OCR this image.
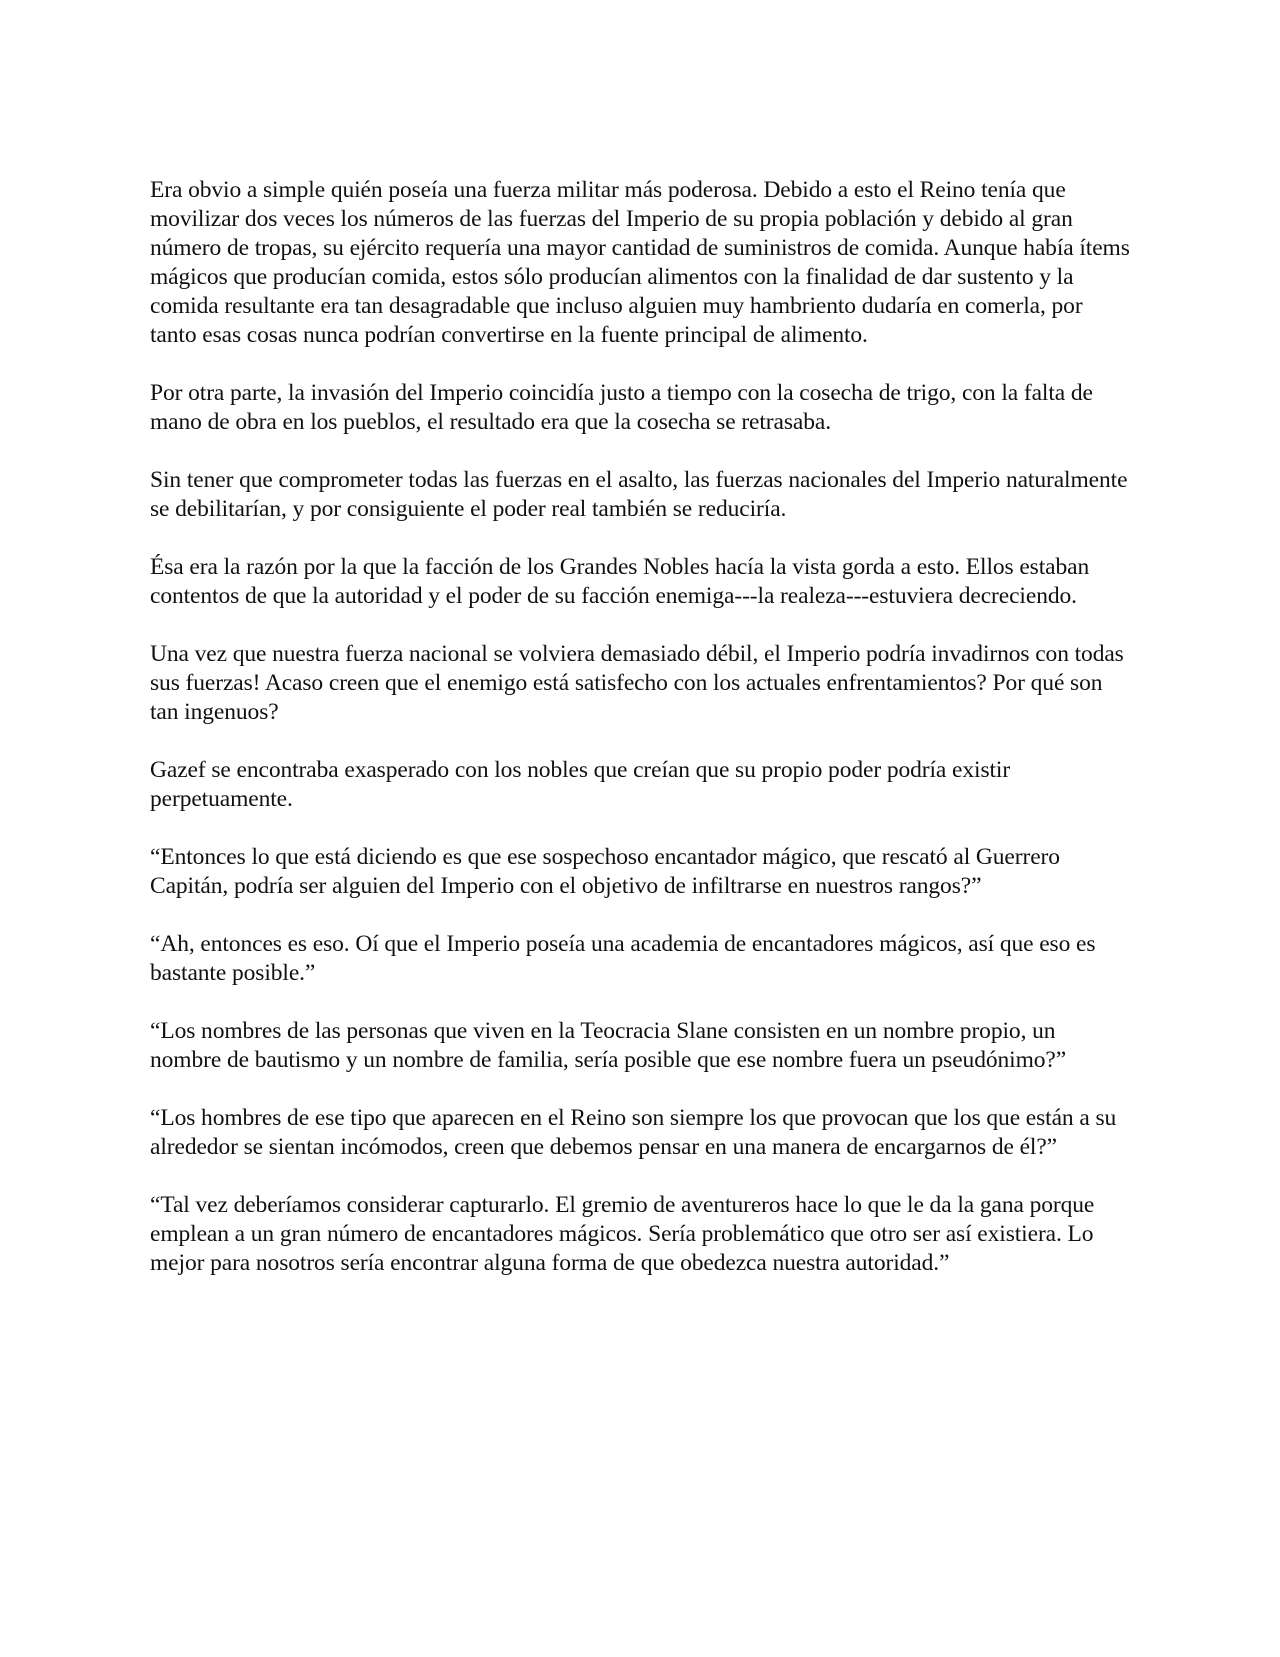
Era obvio a simple quién poseía una fuerza militar más poderosa. Debido a esto el Reino tenía que movilizar dos veces los números de las fuerzas del Imperio de su propia población y debido al gran número de tropas, su ejército requería una mayor cantidad de suministros de comida. Aunque había ítems mágicos que producían comida, estos sólo producían alimentos con la finalidad de dar sustento y la comida resultante era tan desagradable que incluso alguien muy hambriento dudaría en comerla, por tanto esas cosas nunca podrían convertirse en la fuente principal de alimento.

Por otra parte, la invasión del Imperio coincidía justo a tiempo con la cosecha de trigo, con la falta de mano de obra en los pueblos, el resultado era que la cosecha se retrasaba.

Sin tener que comprometer todas las fuerzas en el asalto, las fuerzas nacionales del Imperio naturalmente se debilitarían, y por consiguiente el poder real también se reduciría.

Ésa era la razón por la que la facción de los Grandes Nobles hacía la vista gorda a esto. Ellos estaban contentos de que la autoridad y el poder de su facción enemiga---la realeza---estuviera decreciendo.

Una vez que nuestra fuerza nacional se volviera demasiado débil, el Imperio podría invadirnos con todas sus fuerzas! Acaso creen que el enemigo está satisfecho con los actuales enfrentamientos? Por qué son tan ingenuos?

Gazef se encontraba exasperado con los nobles que creían que su propio poder podría existir perpetuamente.

“Entonces lo que está diciendo es que ese sospechoso encantador mágico, que rescató al Guerrero Capitán, podría ser alguien del Imperio con el objetivo de infiltrarse en nuestros rangos?”

“Ah, entonces es eso. Oí que el Imperio poseía una academia de encantadores mágicos, así que eso es bastante posible.”

“Los nombres de las personas que viven en la Teocracia Slane consisten en un nombre propio, un nombre de bautismo y un nombre de familia, sería posible que ese nombre fuera un pseudónimo?”

“Los hombres de ese tipo que aparecen en el Reino son siempre los que provocan que los que están a su alrededor se sientan incómodos, creen que debemos pensar en una manera de encargarnos de él?”

“Tal vez deberíamos considerar capturarlo. El gremio de aventureros hace lo que le da la gana porque emplean a un gran número de encantadores mágicos. Sería problemático que otro ser así existiera. Lo mejor para nosotros sería encontrar alguna forma de que obedezca nuestra autoridad.”
